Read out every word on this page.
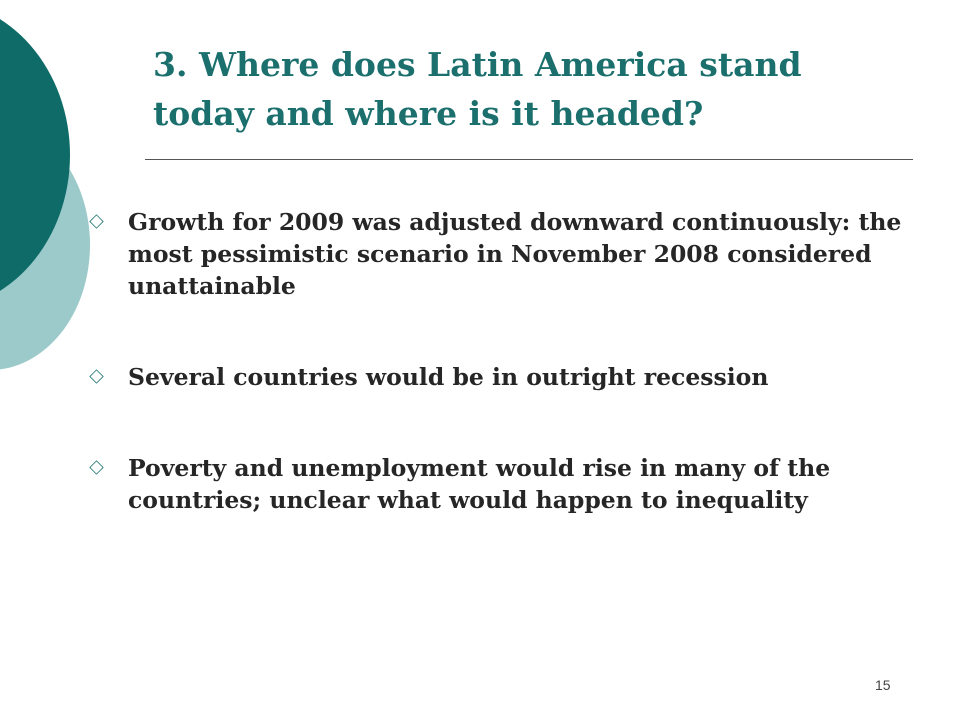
3. Where does Latin America stand today and where is it headed?
Growth for 2009 was adjusted downward continuously: the most pessimistic scenario in November 2008 considered unattainable
Several countries would be in outright recession
Poverty and unemployment would rise in many of the countries; unclear what would happen to inequality
15
